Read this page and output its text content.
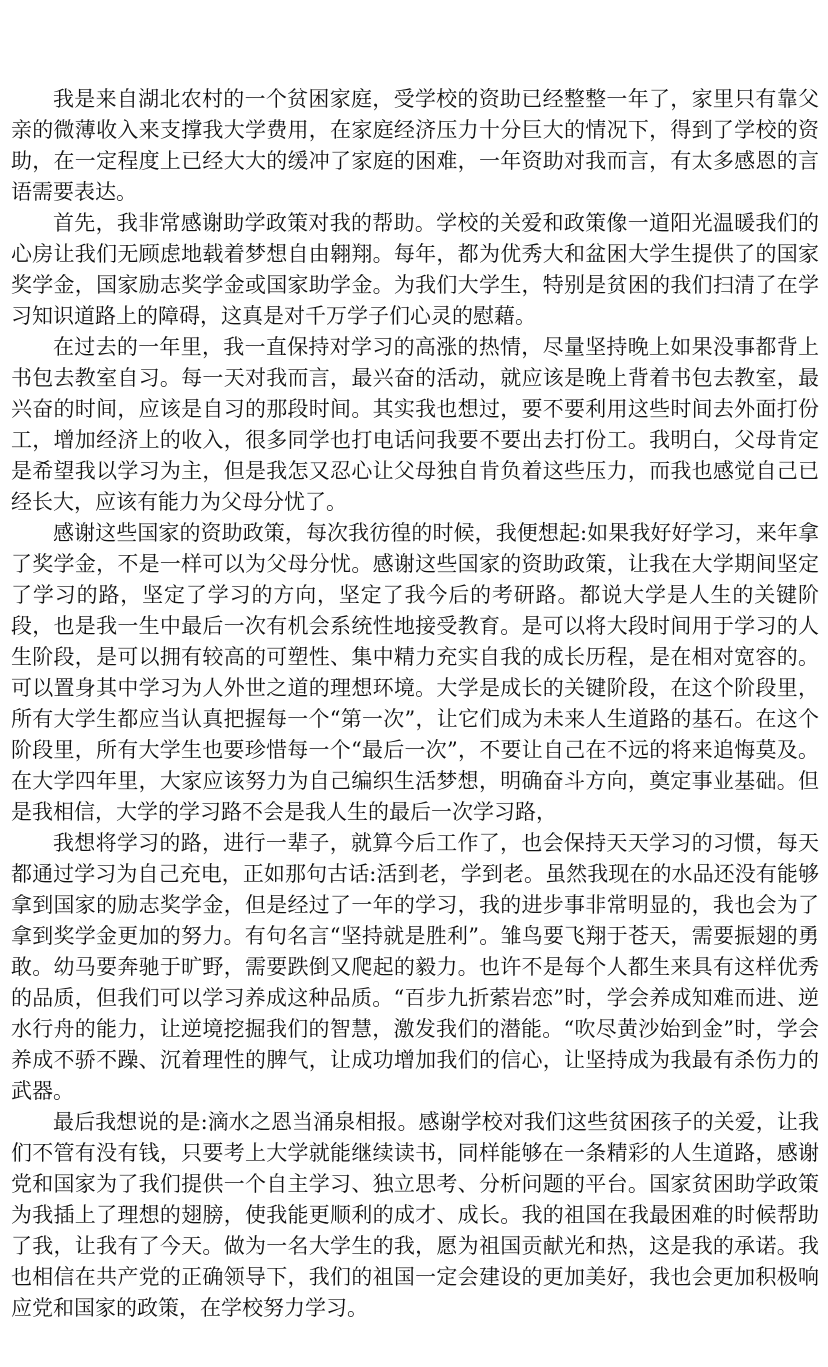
我是来自湖北农村的一个贫困家庭，受学校的资助已经整整一年了，家里只有靠父亲的微薄收入来支撑我大学费用，在家庭经济压力十分巨大的情况下，得到了学校的资助，在一定程度上已经大大的缓冲了家庭的困难，一年资助对我而言，有太多感恩的言语需要表达。

首先，我非常感谢助学政策对我的帮助。学校的关爱和政策像一道阳光温暖我们的心房让我们无顾虑地载着梦想自由翱翔。每年，都为优秀大和盆困大学生提供了的国家奖学金，国家励志奖学金或国家助学金。为我们大学生，特别是贫困的我们扫清了在学习知识道路上的障碍，这真是对千万学子们心灵的慰藉。

在过去的一年里，我一直保持对学习的高涨的热情，尽量坚持晚上如果没事都背上书包去教室自习。每一天对我而言，最兴奋的活动，就应该是晚上背着书包去教室，最兴奋的时间，应该是自习的那段时间。其实我也想过，要不要利用这些时间去外面打份工，增加经济上的收入，很多同学也打电话问我要不要出去打份工。我明白，父母肯定是希望我以学习为主，但是我怎又忍心让父母独自肯负着这些压力，而我也感觉自己已经长大，应该有能力为父母分忧了。

感谢这些国家的资助政策，每次我彷徨的时候，我便想起:如果我好好学习，来年拿了奖学金，不是一样可以为父母分忧。感谢这些国家的资助政策，让我在大学期间坚定了学习的路，坚定了学习的方向，坚定了我今后的考研路。都说大学是人生的关键阶段，也是我一生中最后一次有机会系统性地接受教育。是可以将大段时间用于学习的人生阶段，是可以拥有较高的可塑性、集中精力充实自我的成长历程，是在相对宽容的。可以置身其中学习为人外世之道的理想环境。大学是成长的关键阶段，在这个阶段里，所有大学生都应当认真把握每一个“第一次”，让它们成为未来人生道路的基石。在这个阶段里，所有大学生也要珍惜每一个“最后一次”，不要让自己在不远的将来追悔莫及。在大学四年里，大家应该努力为自己编织生活梦想，明确奋斗方向，奠定事业基础。但是我相信，大学的学习路不会是我人生的最后一次学习路，

我想将学习的路，进行一辈子，就算今后工作了，也会保持天天学习的习惯，每天都通过学习为自己充电，正如那句古话:活到老，学到老。虽然我现在的水品还没有能够拿到国家的励志奖学金，但是经过了一年的学习，我的进步事非常明显的，我也会为了拿到奖学金更加的努力。有句名言“坚持就是胜利”。雏鸟要飞翔于苍天，需要振翅的勇敢。幼马要奔驰于旷野，需要跌倒又爬起的毅力。也许不是每个人都生来具有这样优秀的品质，但我们可以学习养成这种品质。“百步九折萦岩恋”时，学会养成知难而进、逆水行舟的能力，让逆境挖掘我们的智慧，激发我们的潜能。“吹尽黄沙始到金”时，学会养成不骄不躁、沉着理性的脾气，让成功增加我们的信心，让坚持成为我最有杀伤力的武器。

最后我想说的是:滴水之恩当涌泉相报。感谢学校对我们这些贫困孩子的关爱，让我们不管有没有钱，只要考上大学就能继续读书，同样能够在一条精彩的人生道路，感谢党和国家为了我们提供一个自主学习、独立思考、分析问题的平台。国家贫困助学政策为我插上了理想的翅膀，使我能更顺利的成才、成长。我的祖国在我最困难的时候帮助了我，让我有了今天。做为一名大学生的我，愿为祖国贡献光和热，这是我的承诺。我也相信在共产党的正确领导下，我们的祖国一定会建设的更加美好，我也会更加积极响应党和国家的政策，在学校努力学习。
